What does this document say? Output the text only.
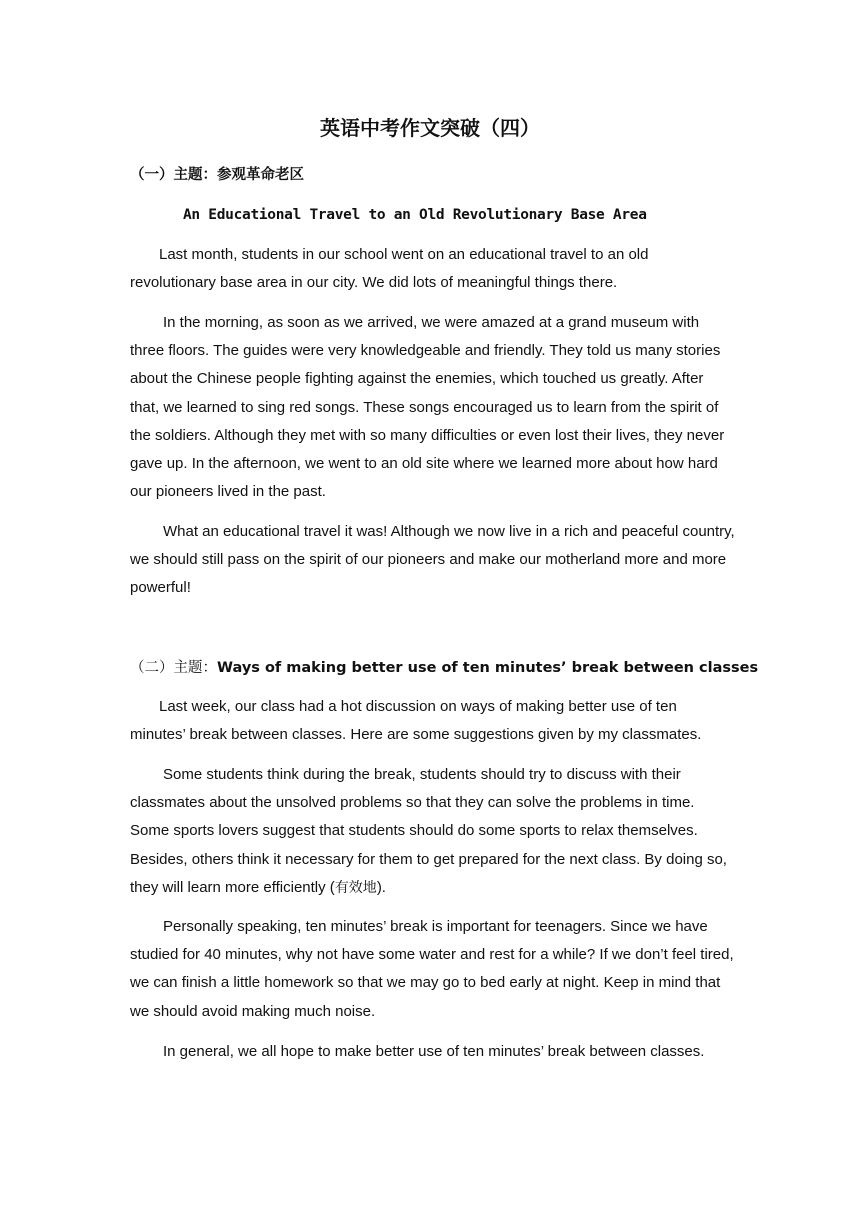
英语中考作文突破（四）
（一）主题：参观革命老区
An Educational Travel to an Old Revolutionary Base Area

Last month, students in our school went on an educational travel to an old revolutionary base area in our city. We did lots of meaningful things there.

In the morning, as soon as we arrived, we were amazed at a grand museum with three floors. The guides were very knowledgeable and friendly. They told us many stories about the Chinese people fighting against the enemies, which touched us greatly. After that, we learned to sing red songs. These songs encouraged us to learn from the spirit of the soldiers. Although they met with so many difficulties or even lost their lives, they never gave up. In the afternoon, we went to an old site where we learned more about how hard our pioneers lived in the past.

What an educational travel it was! Although we now live in a rich and peaceful country, we should still pass on the spirit of our pioneers and make our motherland more and more powerful!

（二）主题：Ways of making better use of ten minutes’ break between classes

Last week, our class had a hot discussion on ways of making better use of ten minutes’ break between classes. Here are some suggestions given by my classmates.

Some students think during the break, students should try to discuss with their classmates about the unsolved problems so that they can solve the problems in time. Some sports lovers suggest that students should do some sports to relax themselves. Besides, others think it necessary for them to get prepared for the next class. By doing so, they will learn more efficiently (有效地).

Personally speaking, ten minutes’ break is important for teenagers. Since we have studied for 40 minutes, why not have some water and rest for a while? If we don’t feel tired, we can finish a little homework so that we may go to bed early at night. Keep in mind that we should avoid making much noise.

In general, we all hope to make better use of ten minutes’ break between classes.
